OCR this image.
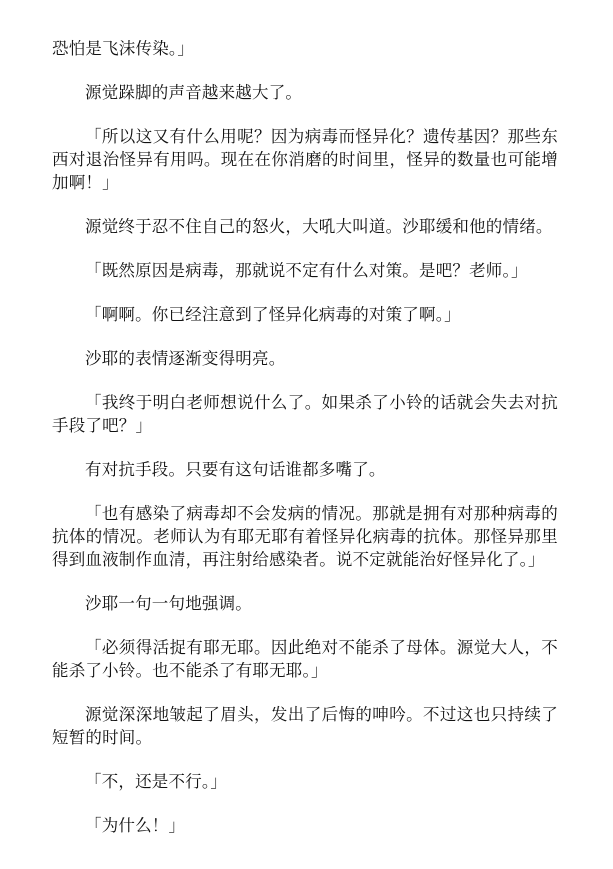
恐怕是飞沫传染。」

源觉跺脚的声音越来越大了。

「所以这又有什么用呢？因为病毒而怪异化？遗传基因？那些东西对退治怪异有用吗。现在在你消磨的时间里，怪异的数量也可能增加啊！」

源觉终于忍不住自己的怒火，大吼大叫道。沙耶缓和他的情绪。

「既然原因是病毒，那就说不定有什么对策。是吧？老师。」

「啊啊。你已经注意到了怪异化病毒的对策了啊。」

沙耶的表情逐渐变得明亮。

「我终于明白老师想说什么了。如果杀了小铃的话就会失去对抗手段了吧？」

有对抗手段。只要有这句话谁都多嘴了。

「也有感染了病毒却不会发病的情况。那就是拥有对那种病毒的抗体的情况。老师认为有耶无耶有着怪异化病毒的抗体。那怪异那里得到血液制作血清，再注射给感染者。说不定就能治好怪异化了。」

沙耶一句一句地强调。

「必须得活捉有耶无耶。因此绝对不能杀了母体。源觉大人，不能杀了小铃。也不能杀了有耶无耶。」

源觉深深地皱起了眉头，发出了后悔的呻吟。不过这也只持续了短暂的时间。

「不，还是不行。」

「为什么！」
